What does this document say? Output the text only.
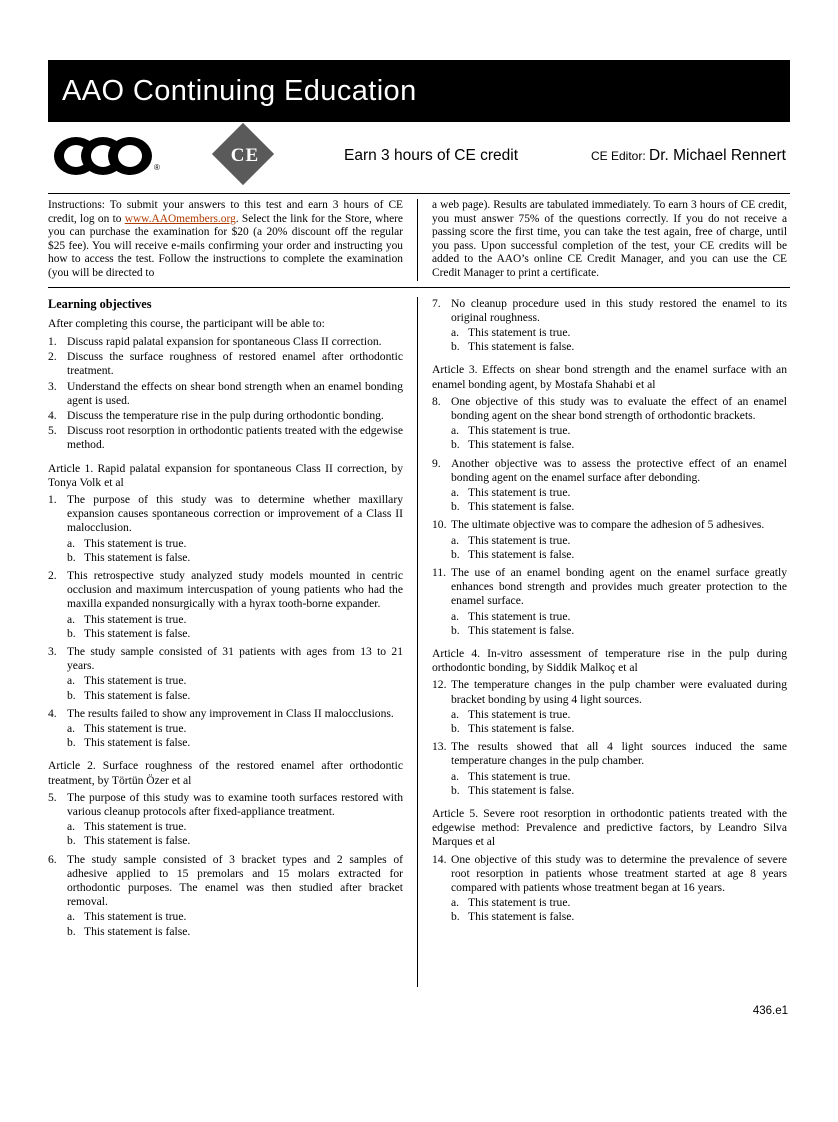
AAO Continuing Education
®
CE	Earn 3 hours of CE credit	CE Editor: Dr. Michael Rennert
Instructions: To submit your answers to this test and earn 3 hours of CE credit, log on to www.AAOmembers.org. Select the link for the Store, where you can purchase the examination for $20 (a 20% discount off the regular $25 fee). You will receive e-mails confirming your order and instructing you how to access the test. Follow the instructions to complete the examination (you will be directed to
a web page). Results are tabulated immediately. To earn 3 hours of CE credit, you must answer 75% of the questions correctly. If you do not receive a passing score the first time, you can take the test again, free of charge, until you pass. Upon successful completion of the test, your CE credits will be added to the AAO’s online CE Credit Manager, and you can use the CE Credit Manager to print a certificate.
Learning objectives

After completing this course, the participant will be able to:

1. Discuss rapid palatal expansion for spontaneous Class II correction.
2. Discuss the surface roughness of restored enamel after orthodontic treatment.
3. Understand the effects on shear bond strength when an enamel bonding agent is used.
4. Discuss the temperature rise in the pulp during orthodontic bonding.
5. Discuss root resorption in orthodontic patients treated with the edgewise method.

Article 1. Rapid palatal expansion for spontaneous Class II correction, by Tonya Volk et al

1. The purpose of this study was to determine whether maxillary expansion causes spontaneous correction or improvement of a Class II malocclusion.
a. This statement is true.
b. This statement is false.
2. This retrospective study analyzed study models mounted in centric occlusion and maximum intercuspation of young patients who had the maxilla expanded nonsurgically with a hyrax tooth-borne expander.
a. This statement is true.
b. This statement is false.
3. The study sample consisted of 31 patients with ages from 13 to 21 years.
a. This statement is true.
b. This statement is false.
4. The results failed to show any improvement in Class II malocclusions.
a. This statement is true.
b. This statement is false.

Article 2. Surface roughness of the restored enamel after orthodontic treatment, by Törtün Özer et al

5. The purpose of this study was to examine tooth surfaces restored with various cleanup protocols after fixed-appliance treatment.
a. This statement is true.
b. This statement is false.
6. The study sample consisted of 3 bracket types and 2 samples of adhesive applied to 15 premolars and 15 molars extracted for orthodontic purposes. The enamel was then studied after bracket removal.
a. This statement is true.
b. This statement is false.
7. No cleanup procedure used in this study restored the enamel to its original roughness.
a. This statement is true.
b. This statement is false.

Article 3. Effects on shear bond strength and the enamel surface with an enamel bonding agent, by Mostafa Shahabi et al

8. One objective of this study was to evaluate the effect of an enamel bonding agent on the shear bond strength of orthodontic brackets.
a. This statement is true.
b. This statement is false.
9. Another objective was to assess the protective effect of an enamel bonding agent on the enamel surface after debonding.
a. This statement is true.
b. This statement is false.
10. The ultimate objective was to compare the adhesion of 5 adhesives.
a. This statement is true.
b. This statement is false.
11. The use of an enamel bonding agent on the enamel surface greatly enhances bond strength and provides much greater protection to the enamel surface.
a. This statement is true.
b. This statement is false.

Article 4. In-vitro assessment of temperature rise in the pulp during orthodontic bonding, by Siddik Malkoç et al

12. The temperature changes in the pulp chamber were evaluated during bracket bonding by using 4 light sources.
a. This statement is true.
b. This statement is false.
13. The results showed that all 4 light sources induced the same temperature changes in the pulp chamber.
a. This statement is true.
b. This statement is false.

Article 5. Severe root resorption in orthodontic patients treated with the edgewise method: Prevalence and predictive factors, by Leandro Silva Marques et al

14. One objective of this study was to determine the prevalence of severe root resorption in patients whose treatment started at age 8 years compared with patients whose treatment began at 16 years.
a. This statement is true.
b. This statement is false.
436.e1
